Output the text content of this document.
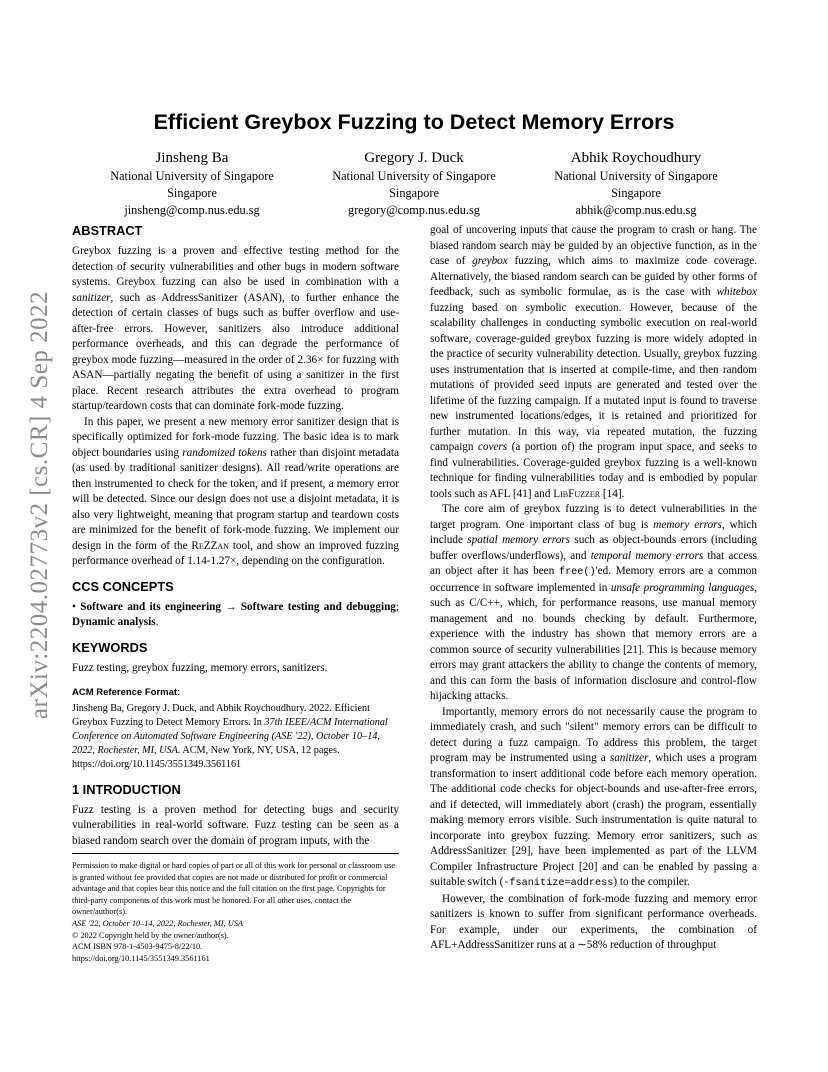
arXiv:2204.02773v2 [cs.CR] 4 Sep 2022
Efficient Greybox Fuzzing to Detect Memory Errors
Jinsheng Ba
National University of Singapore
Singapore
jinsheng@comp.nus.edu.sg
Gregory J. Duck
National University of Singapore
Singapore
gregory@comp.nus.edu.sg
Abhik Roychoudhury
National University of Singapore
Singapore
abhik@comp.nus.edu.sg
ABSTRACT

Greybox fuzzing is a proven and effective testing method for the detection of security vulnerabilities and other bugs in modern software systems. Greybox fuzzing can also be used in combination with a sanitizer, such as AddressSanitizer (ASAN), to further enhance the detection of certain classes of bugs such as buffer overflow and use-after-free errors. However, sanitizers also introduce additional performance overheads, and this can degrade the performance of greybox mode fuzzing—measured in the order of 2.36× for fuzzing with ASAN—partially negating the benefit of using a sanitizer in the first place. Recent research attributes the extra overhead to program startup/teardown costs that can dominate fork-mode fuzzing.

In this paper, we present a new memory error sanitizer design that is specifically optimized for fork-mode fuzzing. The basic idea is to mark object boundaries using randomized tokens rather than disjoint metadata (as used by traditional sanitizer designs). All read/write operations are then instrumented to check for the token, and if present, a memory error will be detected. Since our design does not use a disjoint metadata, it is also very lightweight, meaning that program startup and teardown costs are minimized for the benefit of fork-mode fuzzing. We implement our design in the form of the ReZZan tool, and show an improved fuzzing performance overhead of 1.14-1.27×, depending on the configuration.

CCS CONCEPTS

• Software and its engineering → Software testing and debugging; Dynamic analysis.

KEYWORDS

Fuzz testing, greybox fuzzing, memory errors, sanitizers.

ACM Reference Format:

Jinsheng Ba, Gregory J. Duck, and Abhik Roychoudhury. 2022. Efficient Greybox Fuzzing to Detect Memory Errors. In 37th IEEE/ACM International Conference on Automated Software Engineering (ASE '22), October 10–14, 2022, Rochester, MI, USA. ACM, New York, NY, USA, 12 pages. https://doi.org/10.1145/3551349.3561161

1 INTRODUCTION

Fuzz testing is a proven method for detecting bugs and security vulnerabilities in real-world software. Fuzz testing can be seen as a biased random search over the domain of program inputs, with the

Permission to make digital or hard copies of part or all of this work for personal or classroom use is granted without fee provided that copies are not made or distributed for profit or commercial advantage and that copies bear this notice and the full citation on the first page. Copyrights for third-party components of this work must be honored. For all other uses, contact the owner/author(s).
ASE '22, October 10–14, 2022, Rochester, MI, USA
© 2022 Copyright held by the owner/author(s).
ACM ISBN 978-1-4503-9475-8/22/10.
https://doi.org/10.1145/3551349.3561161

goal of uncovering inputs that cause the program to crash or hang. The biased random search may be guided by an objective function, as in the case of greybox fuzzing, which aims to maximize code coverage. Alternatively, the biased random search can be guided by other forms of feedback, such as symbolic formulae, as is the case with whitebox fuzzing based on symbolic execution. However, because of the scalability challenges in conducting symbolic execution on real-world software, coverage-guided greybox fuzzing is more widely adopted in the practice of security vulnerability detection. Usually, greybox fuzzing uses instrumentation that is inserted at compile-time, and then random mutations of provided seed inputs are generated and tested over the lifetime of the fuzzing campaign. If a mutated input is found to traverse new instrumented locations/edges, it is retained and prioritized for further mutation. In this way, via repeated mutation, the fuzzing campaign covers (a portion of) the program input space, and seeks to find vulnerabilities. Coverage-guided greybox fuzzing is a well-known technique for finding vulnerabilities today and is embodied by popular tools such as AFL [41] and LibFuzzer [14].

The core aim of greybox fuzzing is to detect vulnerabilities in the target program. One important class of bug is memory errors, which include spatial memory errors such as object-bounds errors (including buffer overflows/underflows), and temporal memory errors that access an object after it has been free()'ed. Memory errors are a common occurrence in software implemented in unsafe programming languages, such as C/C++, which, for performance reasons, use manual memory management and no bounds checking by default. Furthermore, experience with the industry has shown that memory errors are a common source of security vulnerabilities [21]. This is because memory errors may grant attackers the ability to change the contents of memory, and this can form the basis of information disclosure and control-flow hijacking attacks.

Importantly, memory errors do not necessarily cause the program to immediately crash, and such "silent" memory errors can be difficult to detect during a fuzz campaign. To address this problem, the target program may be instrumented using a sanitizer, which uses a program transformation to insert additional code before each memory operation. The additional code checks for object-bounds and use-after-free errors, and if detected, will immediately abort (crash) the program, essentially making memory errors visible. Such instrumentation is quite natural to incorporate into greybox fuzzing. Memory error sanitizers, such as AddressSanitizer [29], have been implemented as part of the LLVM Compiler Infrastructure Project [20] and can be enabled by passing a suitable switch (-fsanitize=address) to the compiler.

However, the combination of fork-mode fuzzing and memory error sanitizers is known to suffer from significant performance overheads. For example, under our experiments, the combination of AFL+AddressSanitizer runs at a ∼58% reduction of throughput
